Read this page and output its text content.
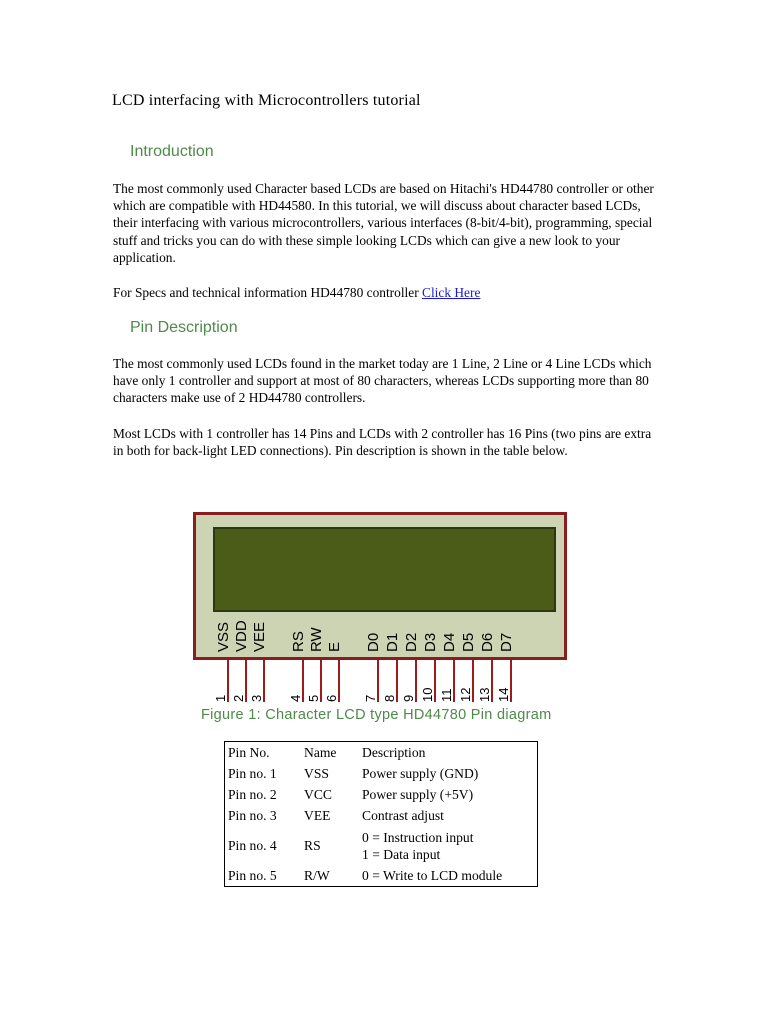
LCD interfacing with Microcontrollers tutorial
Introduction

The most commonly used Character based LCDs are based on Hitachi's HD44780 controller or other which are compatible with HD44580. In this tutorial, we will discuss about character based LCDs, their interfacing with various microcontrollers, various interfaces (8-bit/4-bit), programming, special stuff and tricks you can do with these simple looking LCDs which can give a new look to your application.

For Specs and technical information HD44780 controller Click Here

Pin Description

The most commonly used LCDs found in the market today are 1 Line, 2 Line or 4 Line LCDs which have only 1 controller and support at most of 80 characters, whereas LCDs supporting more than 80 characters make use of 2 HD44780 controllers.

Most LCDs with 1 controller has 14 Pins and LCDs with 2 controller has 16 Pins (two pins are extra in both for back-light LED connections). Pin description is shown in the table below.

VSS
1
VDD
2
VEE
3
RS
4
RW
5
E
6
D0
7
D1
8
D2
9
D3
10
D4
11
D5
12
D6
13
D7
14
Figure 1: Character LCD type HD44780 Pin diagram
Pin No.	Name	Description
Pin no. 1	VSS	Power supply (GND)
Pin no. 2	VCC	Power supply (+5V)
Pin no. 3	VEE	Contrast adjust
Pin no. 4	RS	0 = Instruction input
1 = Data input

Pin no. 5	R/W	0 = Write to LCD module
